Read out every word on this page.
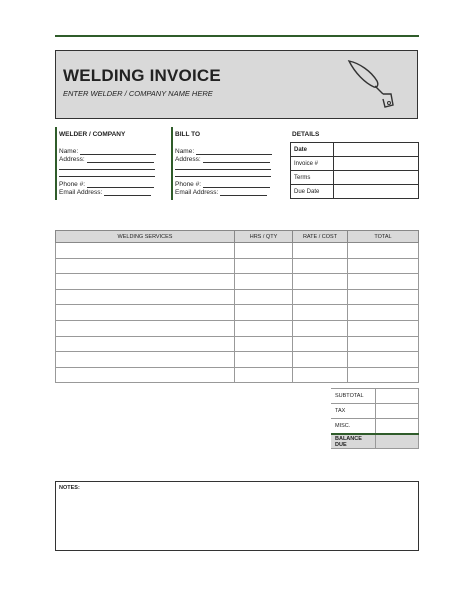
WELDING INVOICE
ENTER WELDER / COMPANY NAME HERE
WELDER / COMPANY
Name:
Address:
Phone #:
Email Address:
BILL TO
Name:
Address:
Phone #:
Email Address:
DETAILS
Date	
Invoice #	
Terms	
Due Date	
WELDING SERVICES	HRS / QTY	RATE / COST	TOTAL

SUBTOTAL	
TAX	
MISC.	
BALANCE DUE	
NOTES:
